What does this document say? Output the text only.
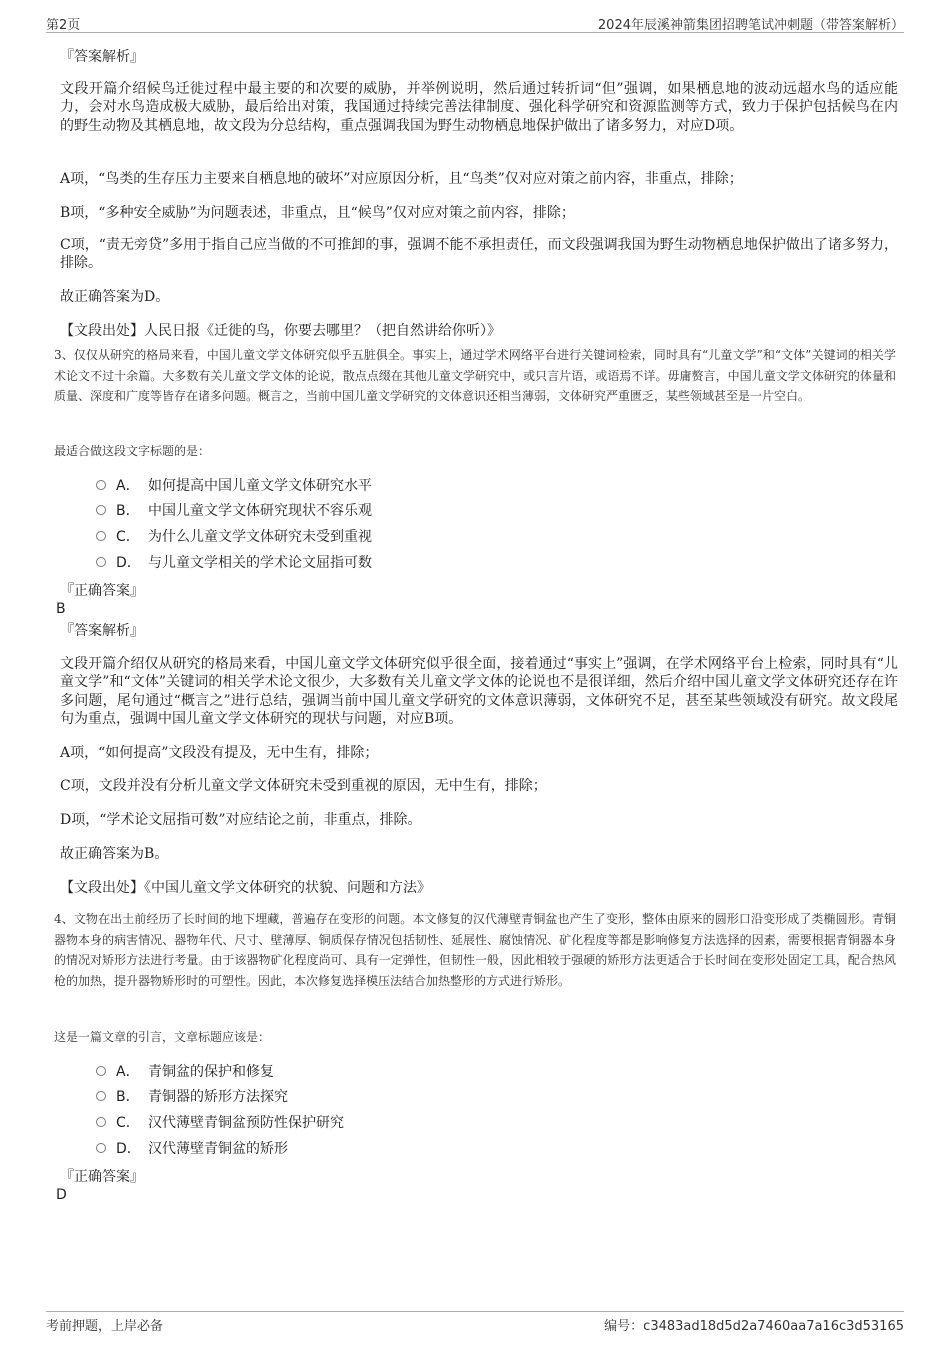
第2页	2024年辰溪神箭集团招聘笔试冲刺题（带答案解析）
『答案解析』
文段开篇介绍候鸟迁徙过程中最主要的和次要的威胁，并举例说明，然后通过转折词“但”强调，如果栖息地的波动远超水鸟的适应能力，会对水鸟造成极大威胁，最后给出对策，我国通过持续完善法律制度、强化科学研究和资源监测等方式，致力于保护包括候鸟在内的野生动物及其栖息地，故文段为分总结构，重点强调我国为野生动物栖息地保护做出了诸多努力，对应D项。
A项，“鸟类的生存压力主要来自栖息地的破坏”对应原因分析，且“鸟类”仅对应对策之前内容，非重点，排除；
B项，“多种安全威胁”为问题表述，非重点，且“候鸟”仅对应对策之前内容，排除；
C项，“责无旁贷”多用于指自己应当做的不可推卸的事，强调不能不承担责任，而文段强调我国为野生动物栖息地保护做出了诸多努力，排除。
故正确答案为D。
【文段出处】人民日报《迁徙的鸟，你要去哪里？（把自然讲给你听）》
3、仅仅从研究的格局来看，中国儿童文学文体研究似乎五脏俱全。事实上，通过学术网络平台进行关键词检索，同时具有“儿童文学”和“文体”关键词的相关学术论文不过十余篇。大多数有关儿童文学文体的论说，散点点缀在其他儿童文学研究中，或只言片语，或语焉不详。毋庸赘言，中国儿童文学文体研究的体量和质量、深度和广度等皆存在诸多问题。概言之，当前中国儿童文学研究的文体意识还相当薄弱，文体研究严重匮乏，某些领域甚至是一片空白。
最适合做这段文字标题的是：
A． 如何提高中国儿童文学文体研究水平
B． 中国儿童文学文体研究现状不容乐观
C． 为什么儿童文学文体研究未受到重视
D． 与儿童文学相关的学术论文屈指可数
『正确答案』
B
『答案解析』
文段开篇介绍仅从研究的格局来看，中国儿童文学文体研究似乎很全面，接着通过“事实上”强调，在学术网络平台上检索，同时具有“儿童文学”和“文体”关键词的相关学术论文很少，大多数有关儿童文学文体的论说也不是很详细，然后介绍中国儿童文学文体研究还存在许多问题，尾句通过“概言之”进行总结，强调当前中国儿童文学研究的文体意识薄弱，文体研究不足，甚至某些领域没有研究。故文段尾句为重点，强调中国儿童文学文体研究的现状与问题，对应B项。
A项，“如何提高”文段没有提及，无中生有，排除；
C项，文段并没有分析儿童文学文体研究未受到重视的原因，无中生有，排除；
D项，“学术论文屈指可数”对应结论之前，非重点，排除。
故正确答案为B。
【文段出处】《中国儿童文学文体研究的状貌、问题和方法》
4、文物在出土前经历了长时间的地下埋藏，普遍存在变形的问题。本文修复的汉代薄壁青铜盆也产生了变形，整体由原来的圆形口沿变形成了类椭圆形。青铜器物本身的病害情况、器物年代、尺寸、壁薄厚、铜质保存情况包括韧性、延展性、腐蚀情况、矿化程度等都是影响修复方法选择的因素，需要根据青铜器本身的情况对矫形方法进行考量。由于该器物矿化程度尚可、具有一定弹性，但韧性一般，因此相较于强硬的矫形方法更适合于长时间在变形处固定工具，配合热风枪的加热，提升器物矫形时的可塑性。因此，本次修复选择模压法结合加热整形的方式进行矫形。
这是一篇文章的引言，文章标题应该是：
A． 青铜盆的保护和修复
B． 青铜器的矫形方法探究
C． 汉代薄壁青铜盆预防性保护研究
D． 汉代薄壁青铜盆的矫形
『正确答案』
D
考前押题，上岸必备	编号：c3483ad18d5d2a7460aa7a16c3d53165
